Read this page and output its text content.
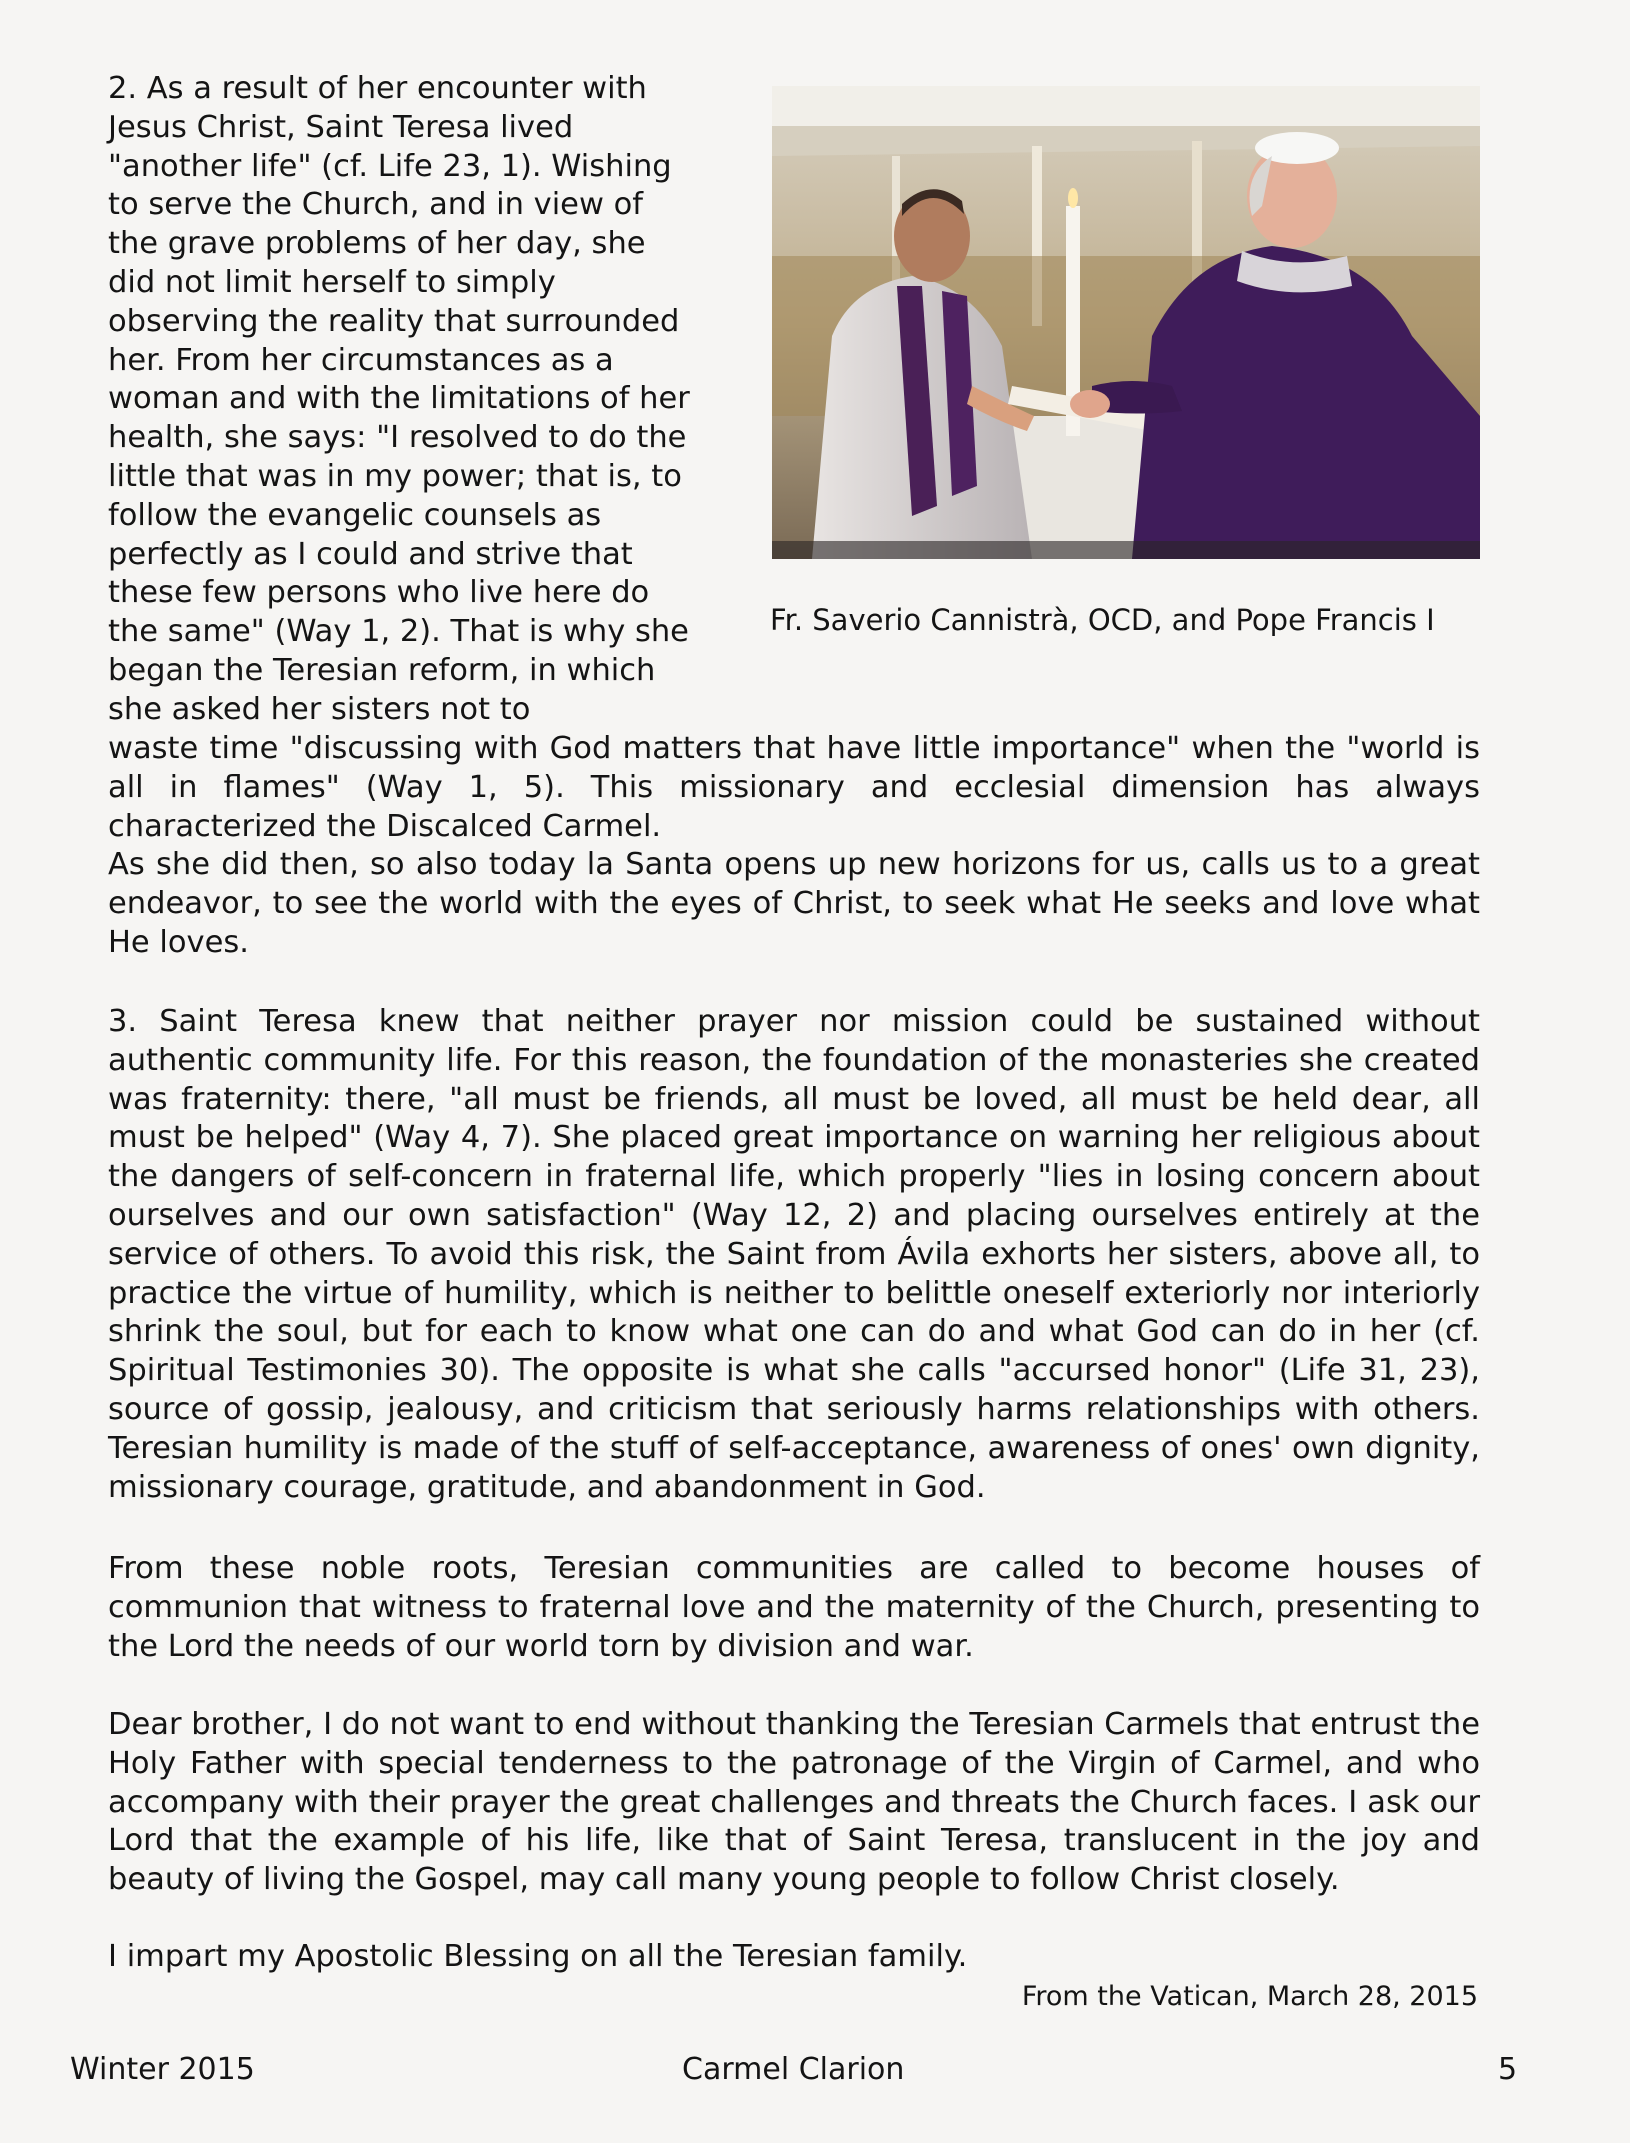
2. As a result of her encounter with Jesus Christ, Saint Teresa lived "another life" (cf. Life 23, 1). Wishing to serve the Church, and in view of the grave problems of her day, she did not limit herself to simply observing the reality that surrounded her. From her circumstances as a woman and with the limitations of her health, she says: "I resolved to do the little that was in my power; that is, to follow the evangelic counsels as perfectly as I could and strive that these few persons who live here do the same" (Way 1, 2). That is why she began the Teresian reform, in which she asked her sisters not to

Fr. Saverio Cannistrà, OCD, and Pope Francis I

waste time "discussing with God matters that have little importance" when the "world is all in flames" (Way 1, 5). This missionary and ecclesial dimension has always characterized the Discalced Carmel.

As she did then, so also today la Santa opens up new horizons for us, calls us to a great endeavor, to see the world with the eyes of Christ, to seek what He seeks and love what He loves.

3. Saint Teresa knew that neither prayer nor mission could be sustained without authentic community life. For this reason, the foundation of the monasteries she created was fraternity: there, "all must be friends, all must be loved, all must be held dear, all must be helped" (Way 4, 7). She placed great importance on warning her religious about the dangers of self-concern in fraternal life, which properly "lies in losing concern about ourselves and our own satisfaction" (Way 12, 2) and placing ourselves entirely at the service of others. To avoid this risk, the Saint from Ávila exhorts her sisters, above all, to practice the virtue of humility, which is neither to belittle oneself exteriorly nor interiorly shrink the soul, but for each to know what one can do and what God can do in her (cf. Spiritual Testimonies 30). The opposite is what she calls "accursed honor" (Life 31, 23), source of gossip, jealousy, and criticism that seriously harms relationships with others. Teresian humility is made of the stuff of self-acceptance, awareness of ones' own dignity, missionary courage, gratitude, and abandonment in God.

From these noble roots, Teresian communities are called to become houses of communion that witness to fraternal love and the maternity of the Church, presenting to the Lord the needs of our world torn by division and war.

Dear brother, I do not want to end without thanking the Teresian Carmels that entrust the Holy Father with special tenderness to the patronage of the Virgin of Carmel, and who accompany with their prayer the great challenges and threats the Church faces. I ask our Lord that the example of his life, like that of Saint Teresa, translucent in the joy and beauty of living the Gospel, may call many young people to follow Christ closely.

I impart my Apostolic Blessing on all the Teresian family.

From the Vatican, March 28, 2015
Winter 2015	Carmel Clarion	5
